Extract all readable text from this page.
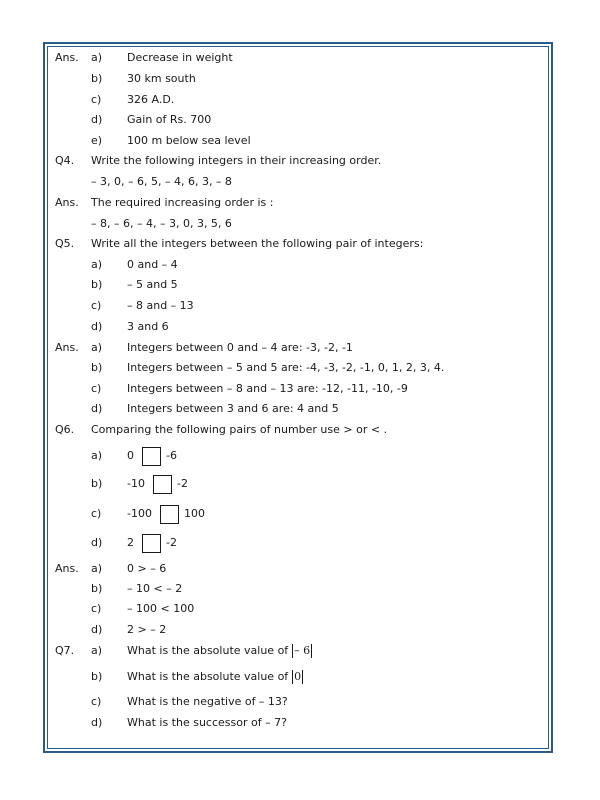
Ans. a) Decrease in weight
b) 30 km south
c) 326 A.D.
d) Gain of Rs. 700
e) 100 m below sea level
Q4. Write the following integers in their increasing order.
– 3, 0, – 6, 5, – 4, 6, 3, – 8
Ans. The required increasing order is :
– 8, – 6, – 4, – 3, 0, 3, 5, 6
Q5. Write all the integers between the following pair of integers:
a) 0 and – 4
b) – 5 and 5
c) – 8 and – 13
d) 3 and 6
Ans. a) Integers between 0 and – 4 are: -3, -2, -1
b) Integers between – 5 and 5 are: -4, -3, -2, -1, 0, 1, 2, 3, 4.
c) Integers between – 8 and – 13 are: -12, -11, -10, -9
d) Integers between 3 and 6 are: 4 and 5
Q6. Comparing the following pairs of number use > or < .
a) 0	-6
b) -10	-2
c) -100	100
d) 2	-2
Ans. a) 0 > – 6
b) – 10 < – 2
c) – 100 < 100
d) 2 > – 2
Q7. a) What is the absolute value of – 6
b) What is the absolute value of 0
c) What is the negative of – 13?
d) What is the successor of – 7?
